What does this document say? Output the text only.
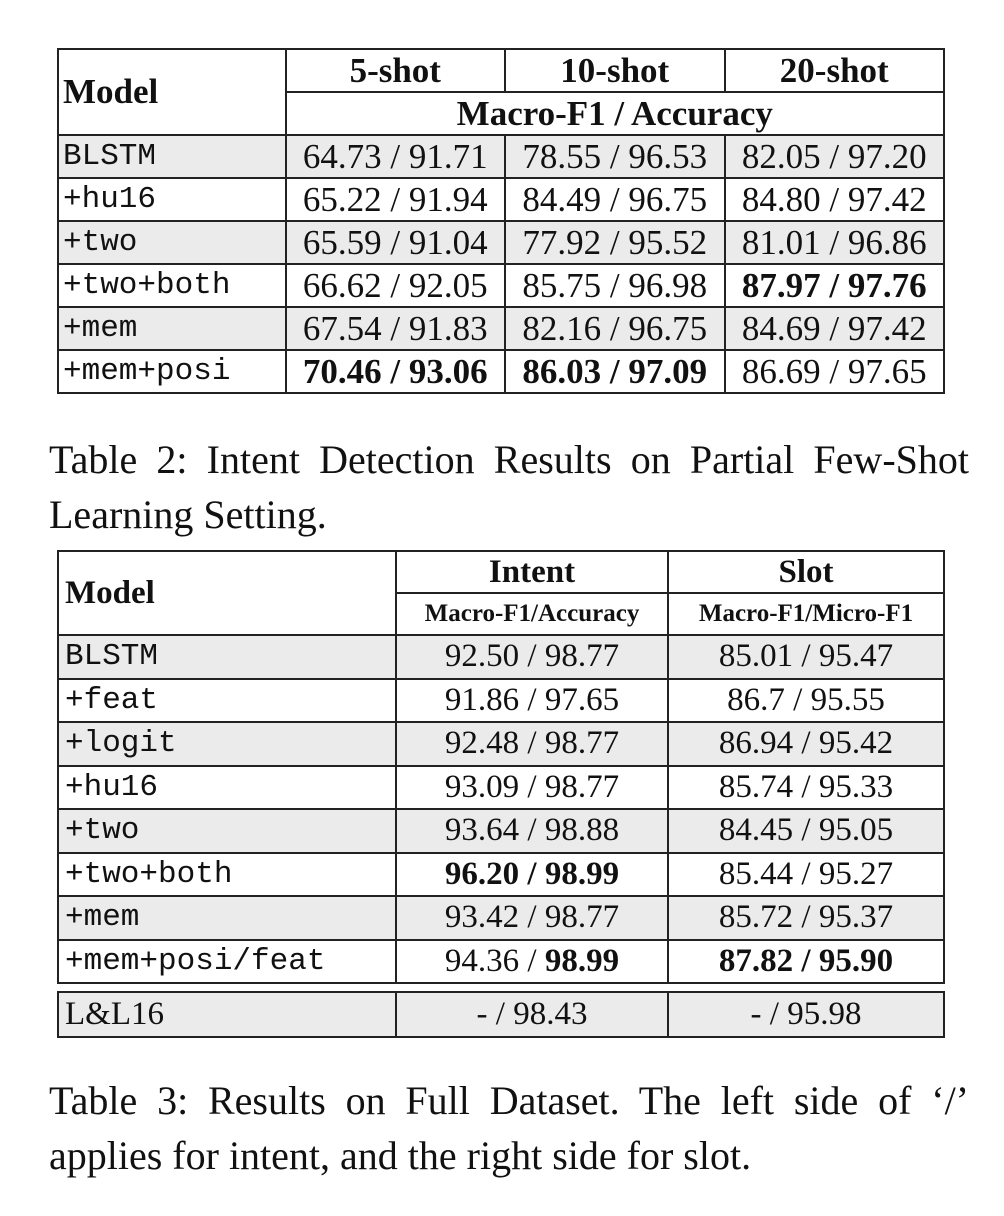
Model	5-shot	10-shot	20-shot
	Macro-F1 / Accuracy		
BLSTM	64.73 / 91.71	78.55 / 96.53	82.05 / 97.20
+hu16	65.22 / 91.94	84.49 / 96.75	84.80 / 97.42
+two	65.59 / 91.04	77.92 / 95.52	81.01 / 96.86
+two+both	66.62 / 92.05	85.75 / 96.98	87.97 / 97.76
+mem	67.54 / 91.83	82.16 / 96.75	84.69 / 97.42
+mem+posi	70.46 / 93.06	86.03 / 97.09	86.69 / 97.65
Table 2: Intent Detection Results on Partial Few-Shot Learning Setting.
Model	Intent	Slot
	Macro-F1/Accuracy	Macro-F1/Micro-F1
BLSTM	92.50 / 98.77	85.01 / 95.47
+feat	91.86 / 97.65	86.7 / 95.55
+logit	92.48 / 98.77	86.94 / 95.42
+hu16	93.09 / 98.77	85.74 / 95.33
+two	93.64 / 98.88	84.45 / 95.05
+two+both	96.20 / 98.99	85.44 / 95.27
+mem	93.42 / 98.77	85.72 / 95.37
+mem+posi/feat	94.36 / 98.99	87.82 / 95.90
L&L16	- / 98.43	- / 95.98
Table 3: Results on Full Dataset. The left side of ‘/’ applies for intent, and the right side for slot.
